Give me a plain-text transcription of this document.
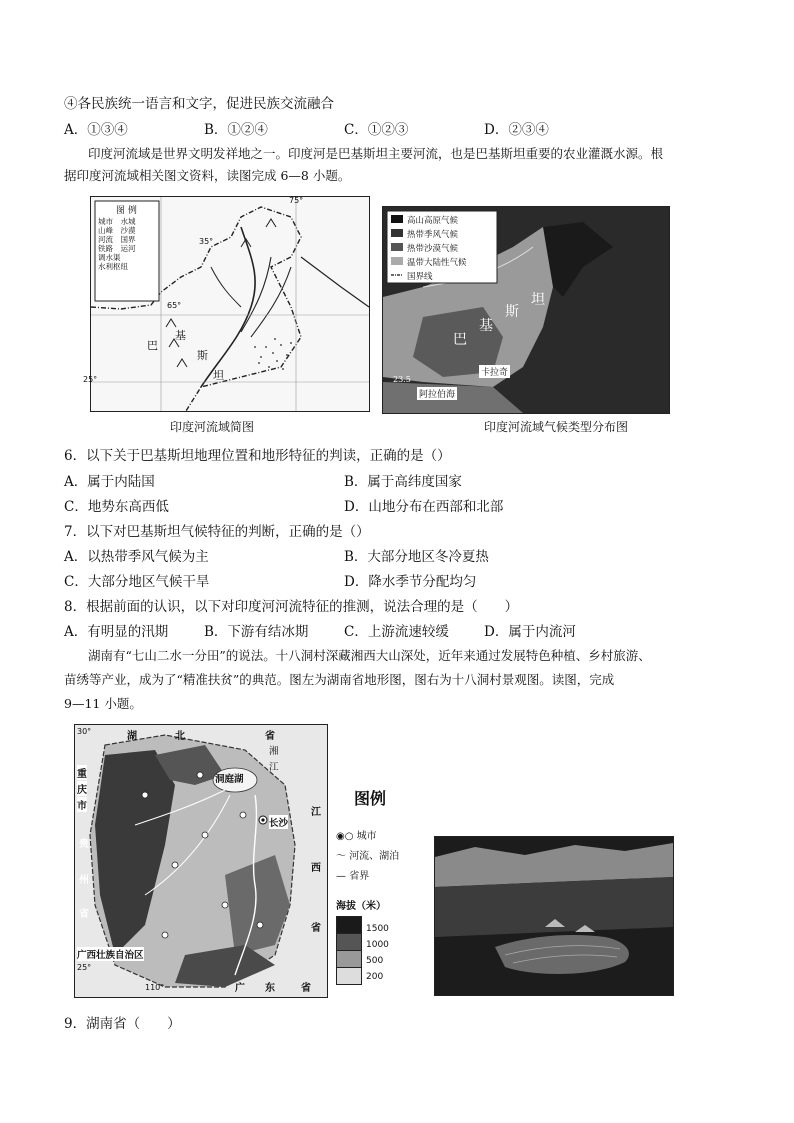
④各民族统一语言和文字，促进民族交流融合
A．①③④	B．①②④	C．①②③	D．②③④
印度河流域是世界文明发祥地之一。印度河是巴基斯坦主要河流，也是巴基斯坦重要的农业灌溉水源。根
据印度河流域相关图文资料，读图完成 6—8 小题。
图 例
城市　 水城
山峰　 沙漠
河流　 国界
铁路　 运河
调水渠
水利枢纽
巴
基
斯
坦
65°
35°
25°
75°
高山高原气候
热带季风气候
热带沙漠气候
温带大陆性气候
国界线
巴
基
斯
坦
卡拉奇
23.5
阿拉伯海
印度河流域简图	印度河流域气候类型分布图
6．以下关于巴基斯坦地理位置和地形特征的判读，正确的是（）
A．属于内陆国	B．属于高纬度国家
C．地势东高西低	D．山地分布在西部和北部
7．以下对巴基斯坦气候特征的判断，正确的是（）
A．以热带季风气候为主	B．大部分地区冬冷夏热
C．大部分地区气候干旱	D．降水季节分配均匀
8．根据前面的认识，以下对印度河河流特征的推测，说法合理的是（　　）
A．有明显的汛期	B．下游有结冰期	C．上游流速较缓	D．属于内流河
湖南有“七山二水一分田”的说法。十八洞村深藏湘西大山深处，近年来通过发展特色种植、乡村旅游、
苗绣等产业，成为了“精准扶贫”的典范。图左为湖南省地形图，图右为十八洞村景观图。读图，完成
9—11 小题。
湖	北	省
重
庆
市
贵
州
省
广西壮族自治区
广 东	省
江
西
省
洞庭湖
长沙
湘
江
30°
25°
110°
图例
◉○ 城市
〜 河流、湖泊
— 省界
海拔（米）
1500
1000
500
200
9．湖南省（　　）
